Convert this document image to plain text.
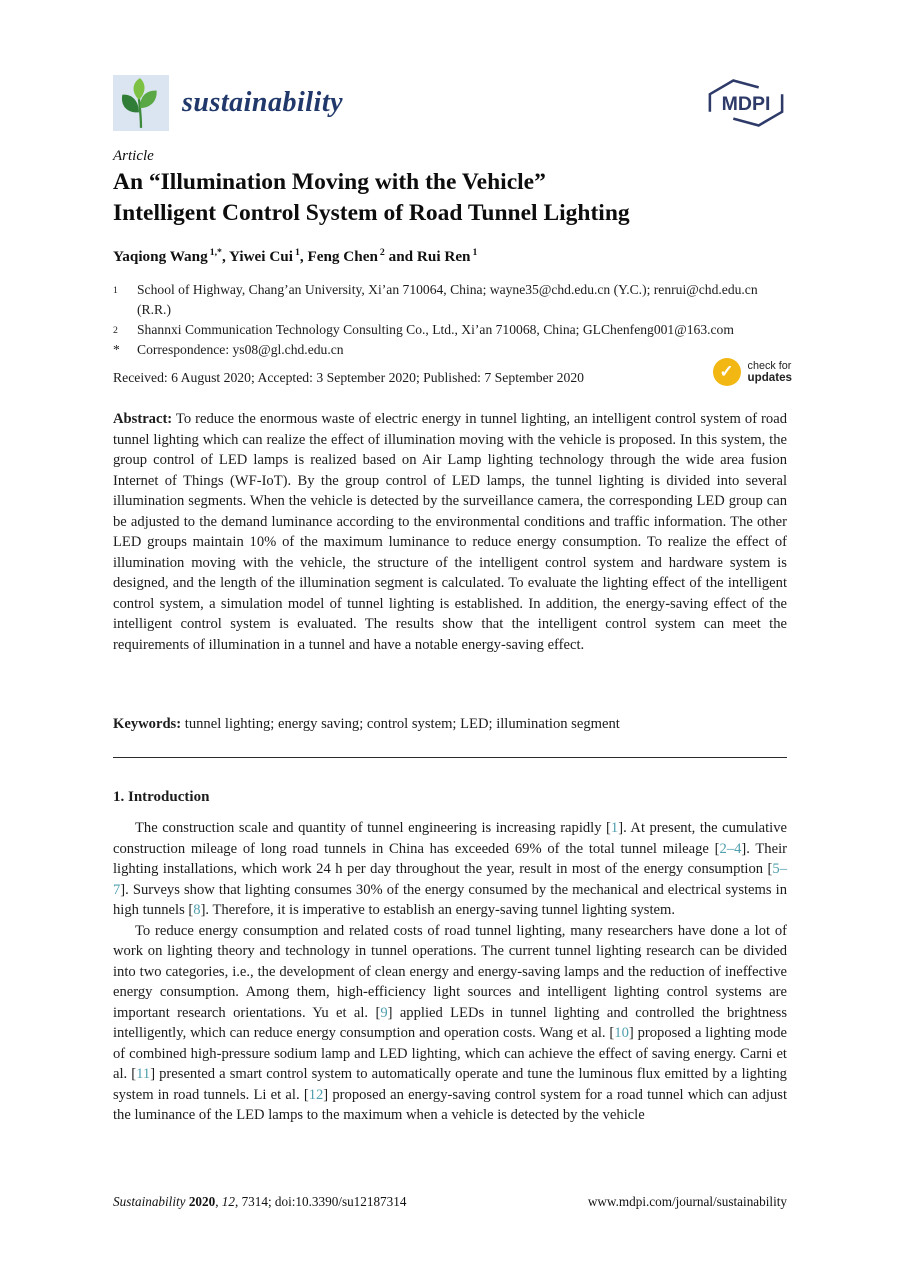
sustainability	MDPI
Article
An “Illumination Moving with the Vehicle”
Intelligent Control System of Road Tunnel Lighting
Yaqiong Wang $^{1,*}$, Yiwei Cui $^1$, Feng Chen $^2$ and Rui Ren $^1$
1	School of Highway, Chang’an University, Xi’an 710064, China; wayne35@chd.edu.cn (Y.C.); renrui@chd.edu.cn (R.R.)
2	Shannxi Communication Technology Consulting Co., Ltd., Xi’an 710068, China; GLChenfeng001@163.com
*	Correspondence: ys08@gl.chd.edu.cn
Received: 6 August 2020; Accepted: 3 September 2020; Published: 7 September 2020	✓	check for
updates
Abstract: To reduce the enormous waste of electric energy in tunnel lighting, an intelligent control system of road tunnel lighting which can realize the effect of illumination moving with the vehicle is proposed. In this system, the group control of LED lamps is realized based on Air Lamp lighting technology through the wide area fusion Internet of Things (WF-IoT). By the group control of LED lamps, the tunnel lighting is divided into several illumination segments. When the vehicle is detected by the surveillance camera, the corresponding LED group can be adjusted to the demand luminance according to the environmental conditions and traffic information. The other LED groups maintain 10% of the maximum luminance to reduce energy consumption. To realize the effect of illumination moving with the vehicle, the structure of the intelligent control system and hardware system is designed, and the length of the illumination segment is calculated. To evaluate the lighting effect of the intelligent control system, a simulation model of tunnel lighting is established. In addition, the energy-saving effect of the intelligent control system is evaluated. The results show that the intelligent control system can meet the requirements of illumination in a tunnel and have a notable energy-saving effect.
Keywords: tunnel lighting; energy saving; control system; LED; illumination segment
1. Introduction

The construction scale and quantity of tunnel engineering is increasing rapidly [1]. At present, the cumulative construction mileage of long road tunnels in China has exceeded 69% of the total tunnel mileage [2–4]. Their lighting installations, which work 24 h per day throughout the year, result in most of the energy consumption [5–7]. Surveys show that lighting consumes 30% of the energy consumed by the mechanical and electrical systems in high tunnels [8]. Therefore, it is imperative to establish an energy-saving tunnel lighting system.

To reduce energy consumption and related costs of road tunnel lighting, many researchers have done a lot of work on lighting theory and technology in tunnel operations. The current tunnel lighting research can be divided into two categories, i.e., the development of clean energy and energy-saving lamps and the reduction of ineffective energy consumption. Among them, high-efficiency light sources and intelligent lighting control systems are important research orientations. Yu et al. [9] applied LEDs in tunnel lighting and controlled the brightness intelligently, which can reduce energy consumption and operation costs. Wang et al. [10] proposed a lighting mode of combined high-pressure sodium lamp and LED lighting, which can achieve the effect of saving energy. Carni et al. [11] presented a smart control system to automatically operate and tune the luminous flux emitted by a lighting system in road tunnels. Li et al. [12] proposed an energy-saving control system for a road tunnel which can adjust the luminance of the LED lamps to the maximum when a vehicle is detected by the vehicle

Sustainability 2020, 12, 7314; doi:10.3390/su12187314	www.mdpi.com/journal/sustainability
